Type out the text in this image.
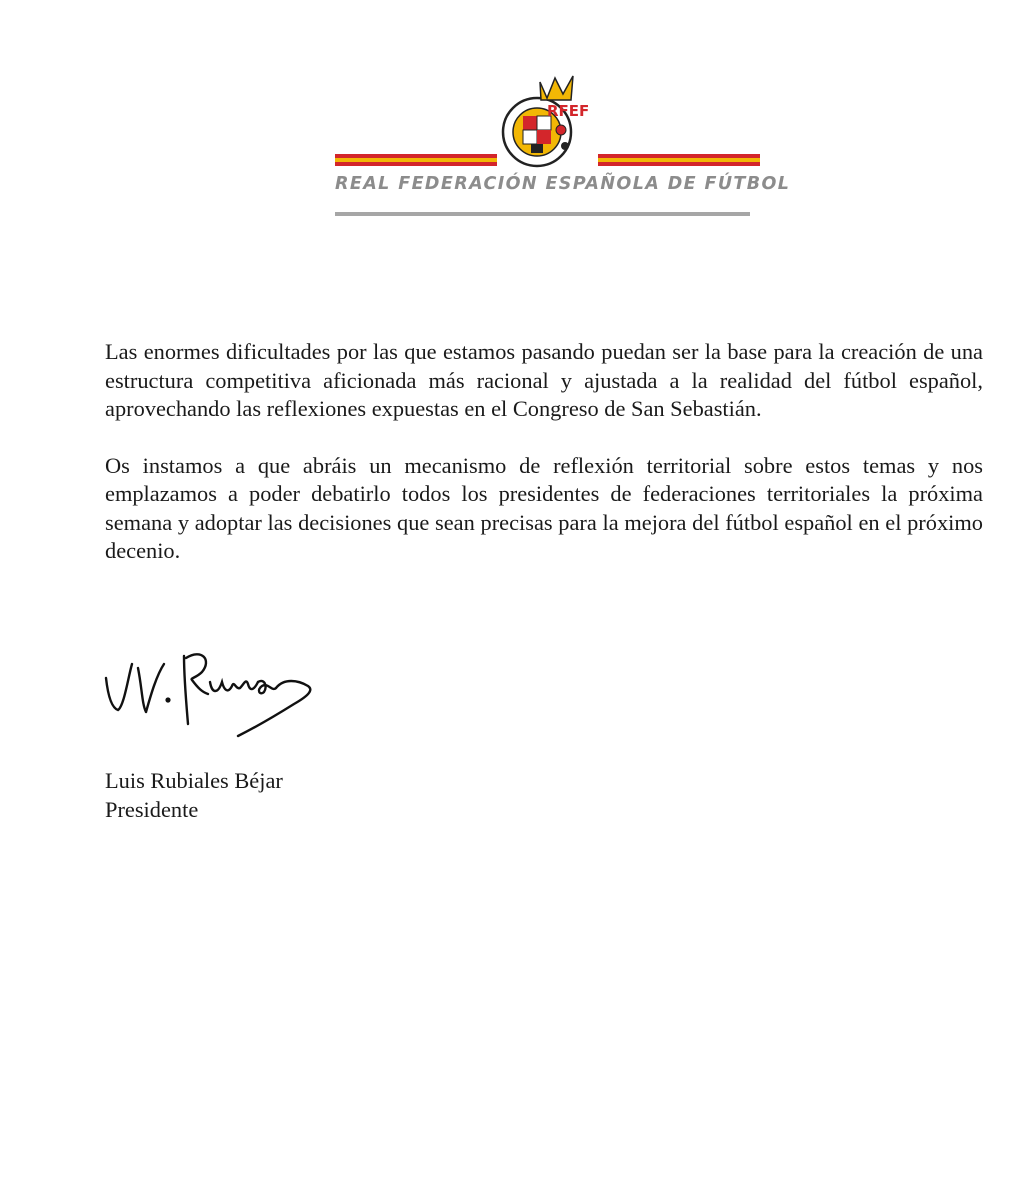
RFEF
REAL FEDERACIÓN ESPAÑOLA DE FÚTBOL

Las enormes dificultades por las que estamos pasando puedan ser la base para la creación de una estructura competitiva aficionada más racional y ajustada a la realidad del fútbol español, aprovechando las reflexiones expuestas en el Congreso de San Sebastián.

Os instamos a que abráis un mecanismo de reflexión territorial sobre estos temas y nos emplazamos a poder debatirlo todos los presidentes de federaciones territoriales la próxima semana y adoptar las decisiones que sean precisas para la mejora del fútbol español en el próximo decenio.

Luis Rubiales Béjar
Presidente
